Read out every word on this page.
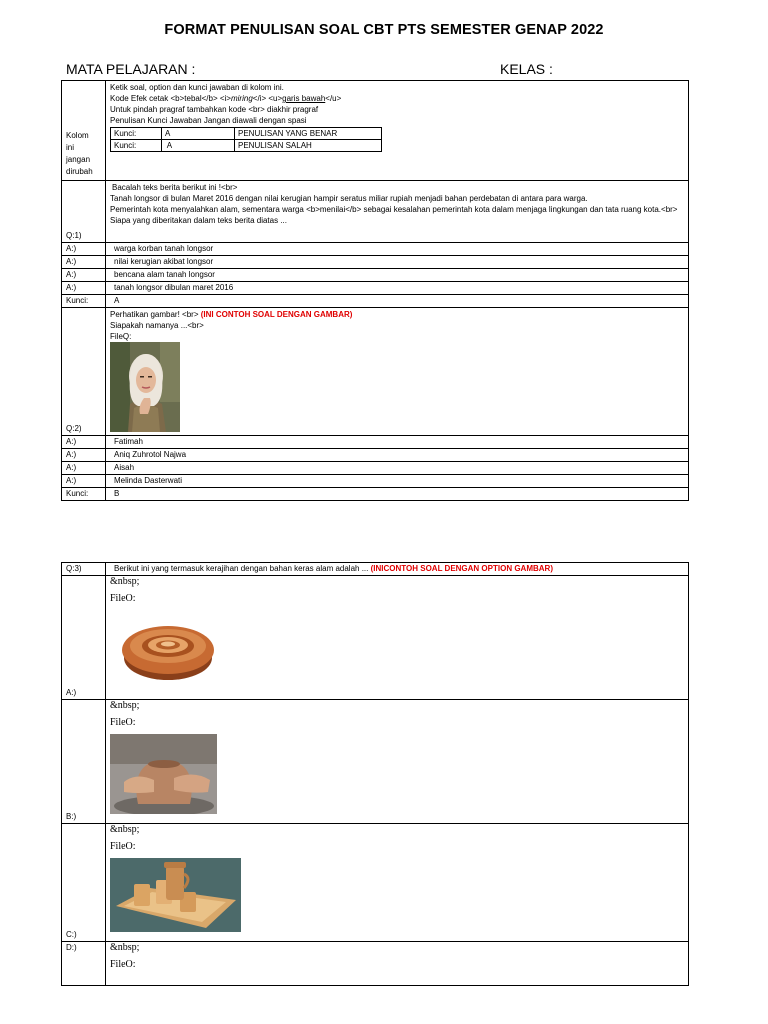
FORMAT PENULISAN SOAL CBT PTS SEMESTER GENAP 2022
MATA PELAJARAN :	KELAS :
Kolom ini jangan dirubah

Ketik soal, option dan kunci jawaban di kolom ini.
Kode Efek cetak <b>tebal</b> <i>miring</i> <u>garis bawah</u>
Untuk pindah pragraf tambahkan kode <br> diakhir pragraf
Penulisan Kunci Jawaban Jangan diawali dengan spasi
Kunci:	A	PENULISAN YANG BENAR
Kunci:	A	PENULISAN SALAH

Q:1)	
Bacalah teks berita berikut ini !<br>
Tanah longsor di bulan Maret 2016 dengan nilai kerugian hampir seratus miliar rupiah menjadi bahan perdebatan di antara para warga.
Pemerintah kota menyalahkan alam, sementara warga <b>menilai</b> sebagai kesalahan pemerintah kota dalam menjaga lingkungan dan tata ruang kota.<br>
Siapa yang diberitakan dalam teks berita diatas ...

A:)	warga korban tanah longsor
A:)	nilai kerugian akibat longsor
A:)	bencana alam tanah longsor
A:)	tanah longsor dibulan maret 2016
Kunci:	A
Q:2)	
Perhatikan gambar! <br> (INI CONTOH SOAL DENGAN GAMBAR)
Siapakah namanya ...<br>
FileQ:

A:)	Fatimah
A:)	Aniq Zuhrotol Najwa
A:)	Aisah
A:)	Melinda Dasterwati
Kunci:	B
Q:3)	Berikut ini yang termasuk kerajihan dengan bahan keras alam adalah ... (INICONTOH SOAL DENGAN OPTION GAMBAR)
A:)	&nbsp;
FileO:

B:)	&nbsp;
FileO:

C:)	&nbsp;
FileO:

D:)	&nbsp;
FileO:
